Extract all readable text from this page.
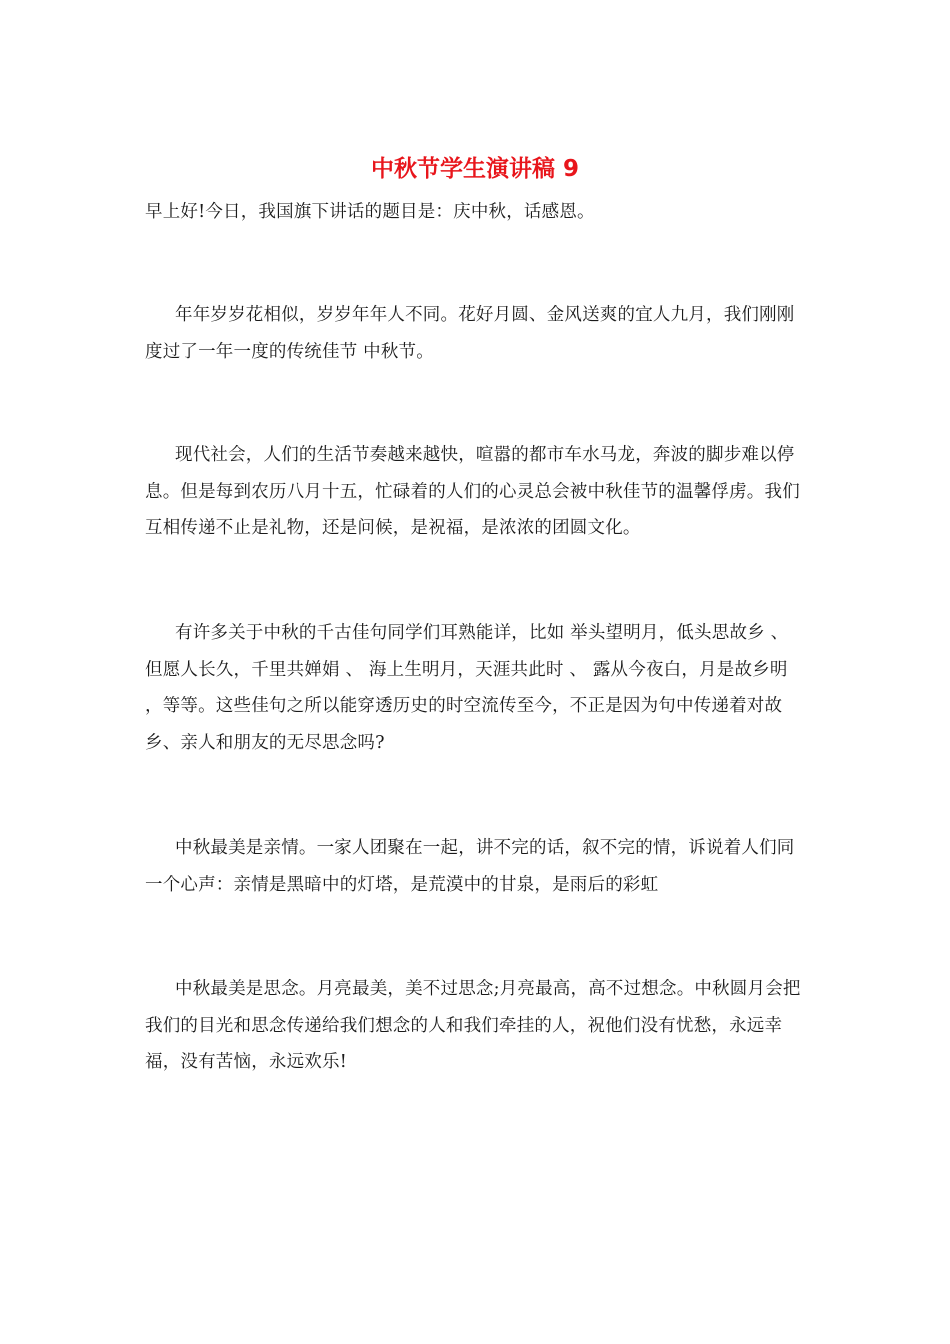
中秋节学生演讲稿 9

早上好!今日，我国旗下讲话的题目是：庆中秋，话感恩。

年年岁岁花相似，岁岁年年人不同。花好月圆、金风送爽的宜人九月，我们刚刚度过了一年一度的传统佳节 中秋节。

现代社会，人们的生活节奏越来越快，喧嚣的都市车水马龙，奔波的脚步难以停息。但是每到农历八月十五，忙碌着的人们的心灵总会被中秋佳节的温馨俘虏。我们互相传递不止是礼物，还是问候，是祝福，是浓浓的团圆文化。

有许多关于中秋的千古佳句同学们耳熟能详，比如 举头望明月，低头思故乡 、 但愿人长久，千里共婵娟 、 海上生明月，天涯共此时 、 露从今夜白，月是故乡明 ，等等。这些佳句之所以能穿透历史的时空流传至今，不正是因为句中传递着对故乡、亲人和朋友的无尽思念吗?

中秋最美是亲情。一家人团聚在一起，讲不完的话，叙不完的情，诉说着人们同一个心声：亲情是黑暗中的灯塔，是荒漠中的甘泉，是雨后的彩虹

中秋最美是思念。月亮最美，美不过思念;月亮最高，高不过想念。中秋圆月会把我们的目光和思念传递给我们想念的人和我们牵挂的人，祝他们没有忧愁，永远幸福，没有苦恼，永远欢乐!
